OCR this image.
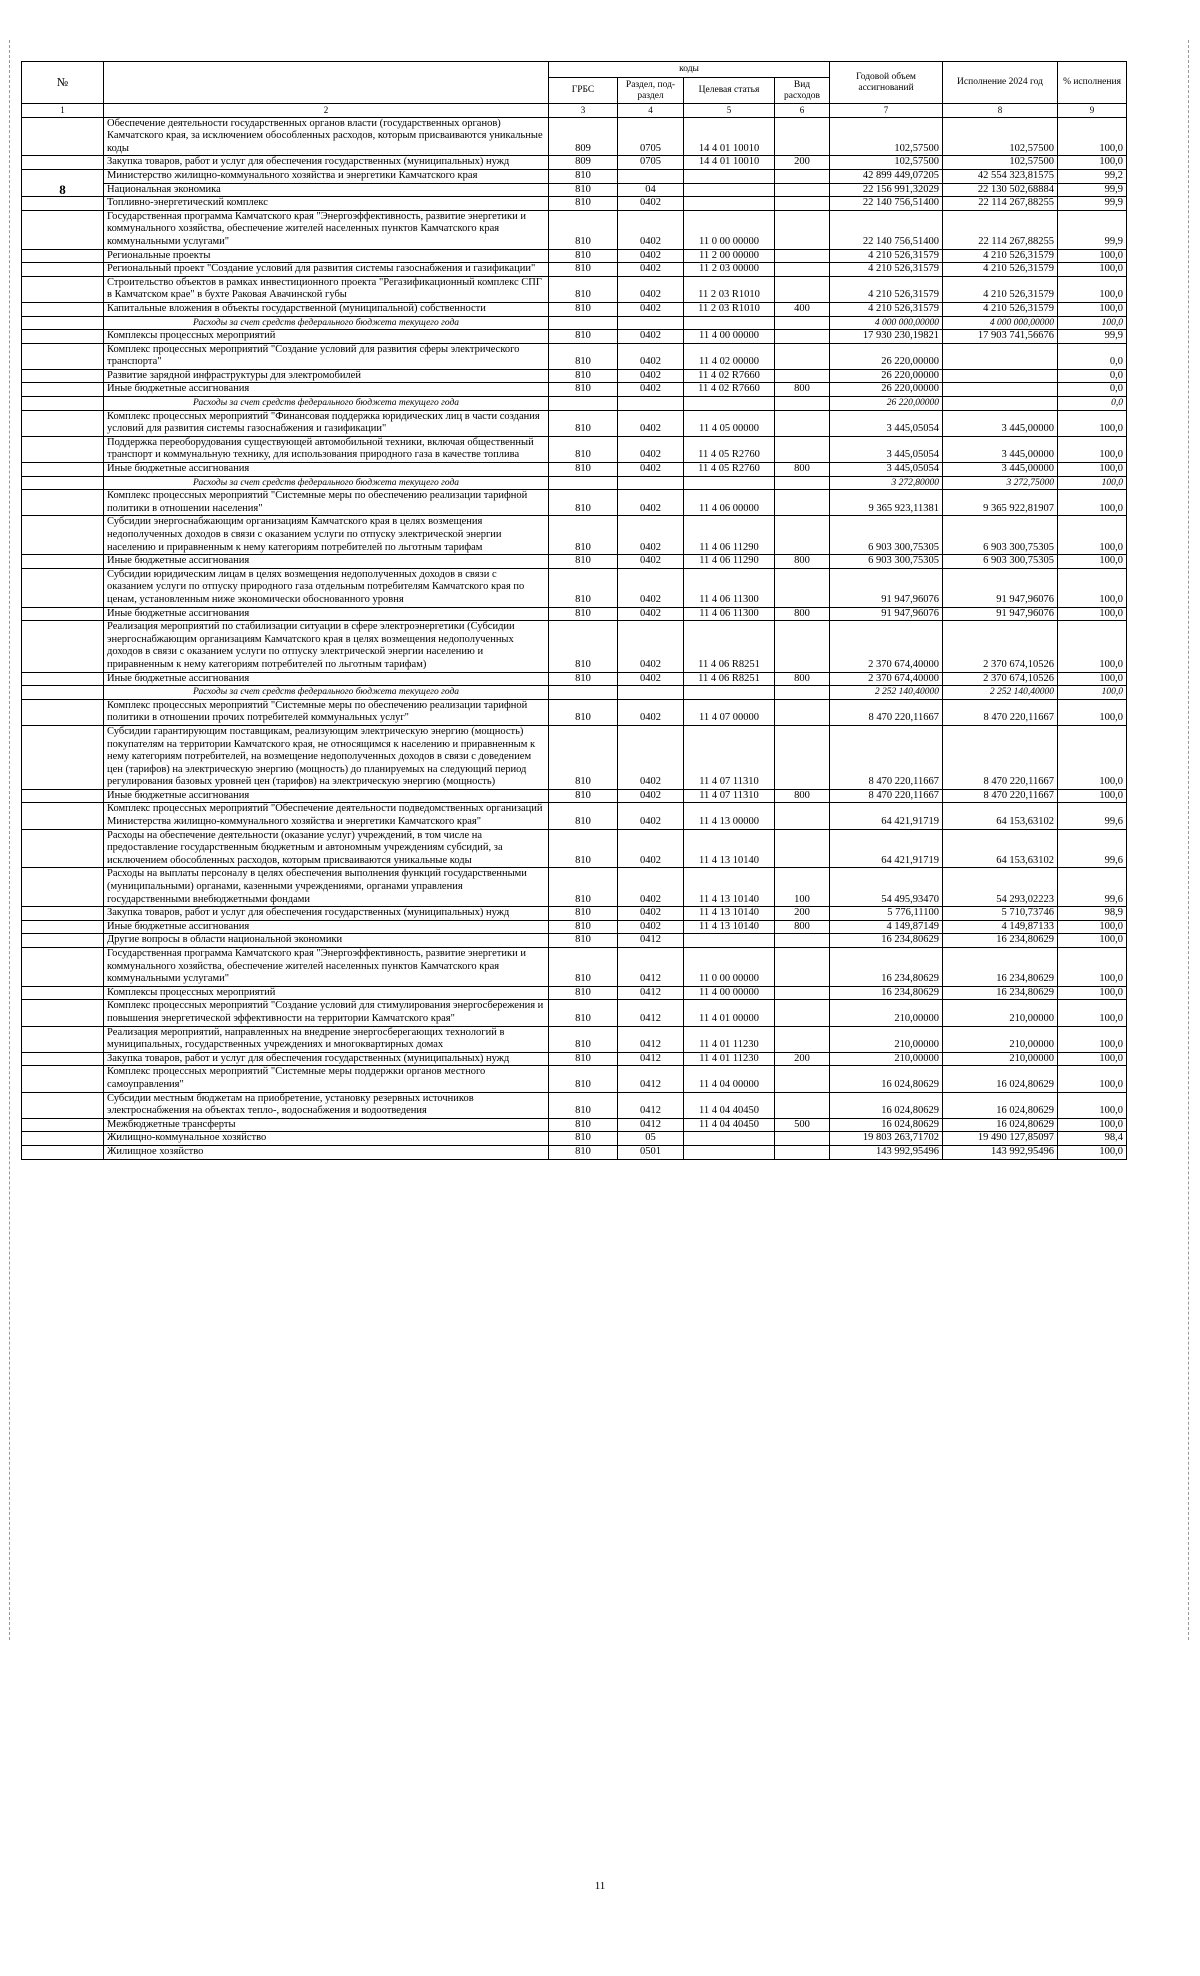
№		коды				Годовой объем ассигнований	Исполнение 2024 год	% исполнения
		ГРБС	Раздел, под-раздел	Целевая статья	Вид расходов			
1	2	3	4	5	6	7	8	9
	Обеспечение деятельности государственных органов власти (государственных органов) Камчатского края, за исключением обособленных расходов, которым присваиваются уникальные коды	809	0705	14 4 01 10010		102,57500	102,57500	100,0
	Закупка товаров, работ и услуг для обеспечения государственных (муниципальных) нужд	809	0705	14 4 01 10010	200	102,57500	102,57500	100,0
8	Министерство жилищно-коммунального хозяйства и энергетики Камчатского края	810				42 899 449,07205	42 554 323,81575	99,2
	Национальная экономика	810	04			22 156 991,32029	22 130 502,68884	99,9
	Топливно-энергетический комплекс	810	0402			22 140 756,51400	22 114 267,88255	99,9
	Государственная программа Камчатского края "Энергоэффективность, развитие энергетики и коммунального хозяйства, обеспечение жителей населенных пунктов Камчатского края коммунальными услугами"	810	0402	11 0 00 00000		22 140 756,51400	22 114 267,88255	99,9
	Региональные проекты	810	0402	11 2 00 00000		4 210 526,31579	4 210 526,31579	100,0
	Региональный проект "Создание условий для развития системы газоснабжения и газификации"	810	0402	11 2 03 00000		4 210 526,31579	4 210 526,31579	100,0
	Строительство объектов в рамках инвестиционного проекта "Регазификационный комплекс СПГ в Камчатском крае" в бухте Раковая Авачинской губы	810	0402	11 2 03 R1010		4 210 526,31579	4 210 526,31579	100,0
	Капитальные вложения в объекты государственной (муниципальной) собственности	810	0402	11 2 03 R1010	400	4 210 526,31579	4 210 526,31579	100,0
	Расходы за счет средств федерального бюджета текущего года					4 000 000,00000	4 000 000,00000	100,0
	Комплексы процессных мероприятий	810	0402	11 4 00 00000		17 930 230,19821	17 903 741,56676	99,9
	Комплекс процессных мероприятий "Создание условий для развития сферы электрического транспорта"	810	0402	11 4 02 00000		26 220,00000		0,0
	Развитие зарядной инфраструктуры для электромобилей	810	0402	11 4 02 R7660		26 220,00000		0,0
	Иные бюджетные ассигнования	810	0402	11 4 02 R7660	800	26 220,00000		0,0
	Расходы за счет средств федерального бюджета текущего года					26 220,00000		0,0
	Комплекс процессных мероприятий "Финансовая поддержка юридических лиц в части создания условий для развития системы газоснабжения и газификации"	810	0402	11 4 05 00000		3 445,05054	3 445,00000	100,0
	Поддержка переоборудования существующей автомобильной техники, включая общественный транспорт и коммунальную технику, для использования природного газа в качестве топлива	810	0402	11 4 05 R2760		3 445,05054	3 445,00000	100,0
	Иные бюджетные ассигнования	810	0402	11 4 05 R2760	800	3 445,05054	3 445,00000	100,0
	Расходы за счет средств федерального бюджета текущего года					3 272,80000	3 272,75000	100,0
	Комплекс процессных мероприятий "Системные меры по обеспечению реализации тарифной политики в отношении населения"	810	0402	11 4 06 00000		9 365 923,11381	9 365 922,81907	100,0
	Субсидии энергоснабжающим организациям Камчатского края в целях возмещения недополученных доходов в связи с оказанием услуги по отпуску электрической энергии населению и приравненным к нему категориям потребителей по льготным тарифам	810	0402	11 4 06 11290		6 903 300,75305	6 903 300,75305	100,0
	Иные бюджетные ассигнования	810	0402	11 4 06 11290	800	6 903 300,75305	6 903 300,75305	100,0
	Субсидии юридическим лицам в целях возмещения недополученных доходов в связи с оказанием услуги по отпуску природного газа отдельным потребителям Камчатского края по ценам, установленным ниже экономически обоснованного уровня	810	0402	11 4 06 11300		91 947,96076	91 947,96076	100,0
	Иные бюджетные ассигнования	810	0402	11 4 06 11300	800	91 947,96076	91 947,96076	100,0
	Реализация мероприятий по стабилизации ситуации в сфере электроэнергетики (Субсидии энергоснабжающим организациям Камчатского края в целях возмещения недополученных доходов в связи с оказанием услуги по отпуску электрической энергии населению и приравненным к нему категориям потребителей по льготным тарифам)	810	0402	11 4 06 R8251		2 370 674,40000	2 370 674,10526	100,0
	Иные бюджетные ассигнования	810	0402	11 4 06 R8251	800	2 370 674,40000	2 370 674,10526	100,0
	Расходы за счет средств федерального бюджета текущего года					2 252 140,40000	2 252 140,40000	100,0
	Комплекс процессных мероприятий "Системные меры по обеспечению реализации тарифной политики в отношении прочих потребителей коммунальных услуг"	810	0402	11 4 07 00000		8 470 220,11667	8 470 220,11667	100,0
	Субсидии гарантирующим поставщикам, реализующим электрическую энергию (мощность) покупателям на территории Камчатского края, не относящимся к населению и приравненным к нему категориям потребителей, на возмещение недополученных доходов в связи с доведением цен (тарифов) на электрическую энергию (мощность) до планируемых на следующий период регулирования базовых уровней цен (тарифов) на электрическую энергию (мощность)	810	0402	11 4 07 11310		8 470 220,11667	8 470 220,11667	100,0
	Иные бюджетные ассигнования	810	0402	11 4 07 11310	800	8 470 220,11667	8 470 220,11667	100,0
	Комплекс процессных мероприятий "Обеспечение деятельности подведомственных организаций Министерства жилищно-коммунального хозяйства и энергетики Камчатского края"	810	0402	11 4 13 00000		64 421,91719	64 153,63102	99,6
	Расходы на обеспечение деятельности (оказание услуг) учреждений, в том числе на предоставление государственным бюджетным и автономным учреждениям субсидий, за исключением обособленных расходов, которым присваиваются уникальные коды	810	0402	11 4 13 10140		64 421,91719	64 153,63102	99,6
	Расходы на выплаты персоналу в целях обеспечения выполнения функций государственными (муниципальными) органами, казенными учреждениями, органами управления государственными внебюджетными фондами	810	0402	11 4 13 10140	100	54 495,93470	54 293,02223	99,6
	Закупка товаров, работ и услуг для обеспечения государственных (муниципальных) нужд	810	0402	11 4 13 10140	200	5 776,11100	5 710,73746	98,9
	Иные бюджетные ассигнования	810	0402	11 4 13 10140	800	4 149,87149	4 149,87133	100,0
	Другие вопросы в области национальной экономики	810	0412			16 234,80629	16 234,80629	100,0
	Государственная программа Камчатского края "Энергоэффективность, развитие энергетики и коммунального хозяйства, обеспечение жителей населенных пунктов Камчатского края коммунальными услугами"	810	0412	11 0 00 00000		16 234,80629	16 234,80629	100,0
	Комплексы процессных мероприятий	810	0412	11 4 00 00000		16 234,80629	16 234,80629	100,0
	Комплекс процессных мероприятий "Создание условий для стимулирования энергосбережения и повышения энергетической эффективности на территории Камчатского края"	810	0412	11 4 01 00000		210,00000	210,00000	100,0
	Реализация мероприятий, направленных на внедрение энергосберегающих технологий в муниципальных, государственных учреждениях и многоквартирных домах	810	0412	11 4 01 11230		210,00000	210,00000	100,0
	Закупка товаров, работ и услуг для обеспечения государственных (муниципальных) нужд	810	0412	11 4 01 11230	200	210,00000	210,00000	100,0
	Комплекс процессных мероприятий "Системные меры поддержки органов местного самоуправления"	810	0412	11 4 04 00000		16 024,80629	16 024,80629	100,0
	Субсидии местным бюджетам на приобретение, установку резервных источников электроснабжения на объектах тепло-, водоснабжения и водоотведения	810	0412	11 4 04 40450		16 024,80629	16 024,80629	100,0
	Межбюджетные трансферты	810	0412	11 4 04 40450	500	16 024,80629	16 024,80629	100,0
	Жилищно-коммунальное хозяйство	810	05			19 803 263,71702	19 490 127,85097	98,4
	Жилищное хозяйство	810	0501			143 992,95496	143 992,95496	100,0
11
